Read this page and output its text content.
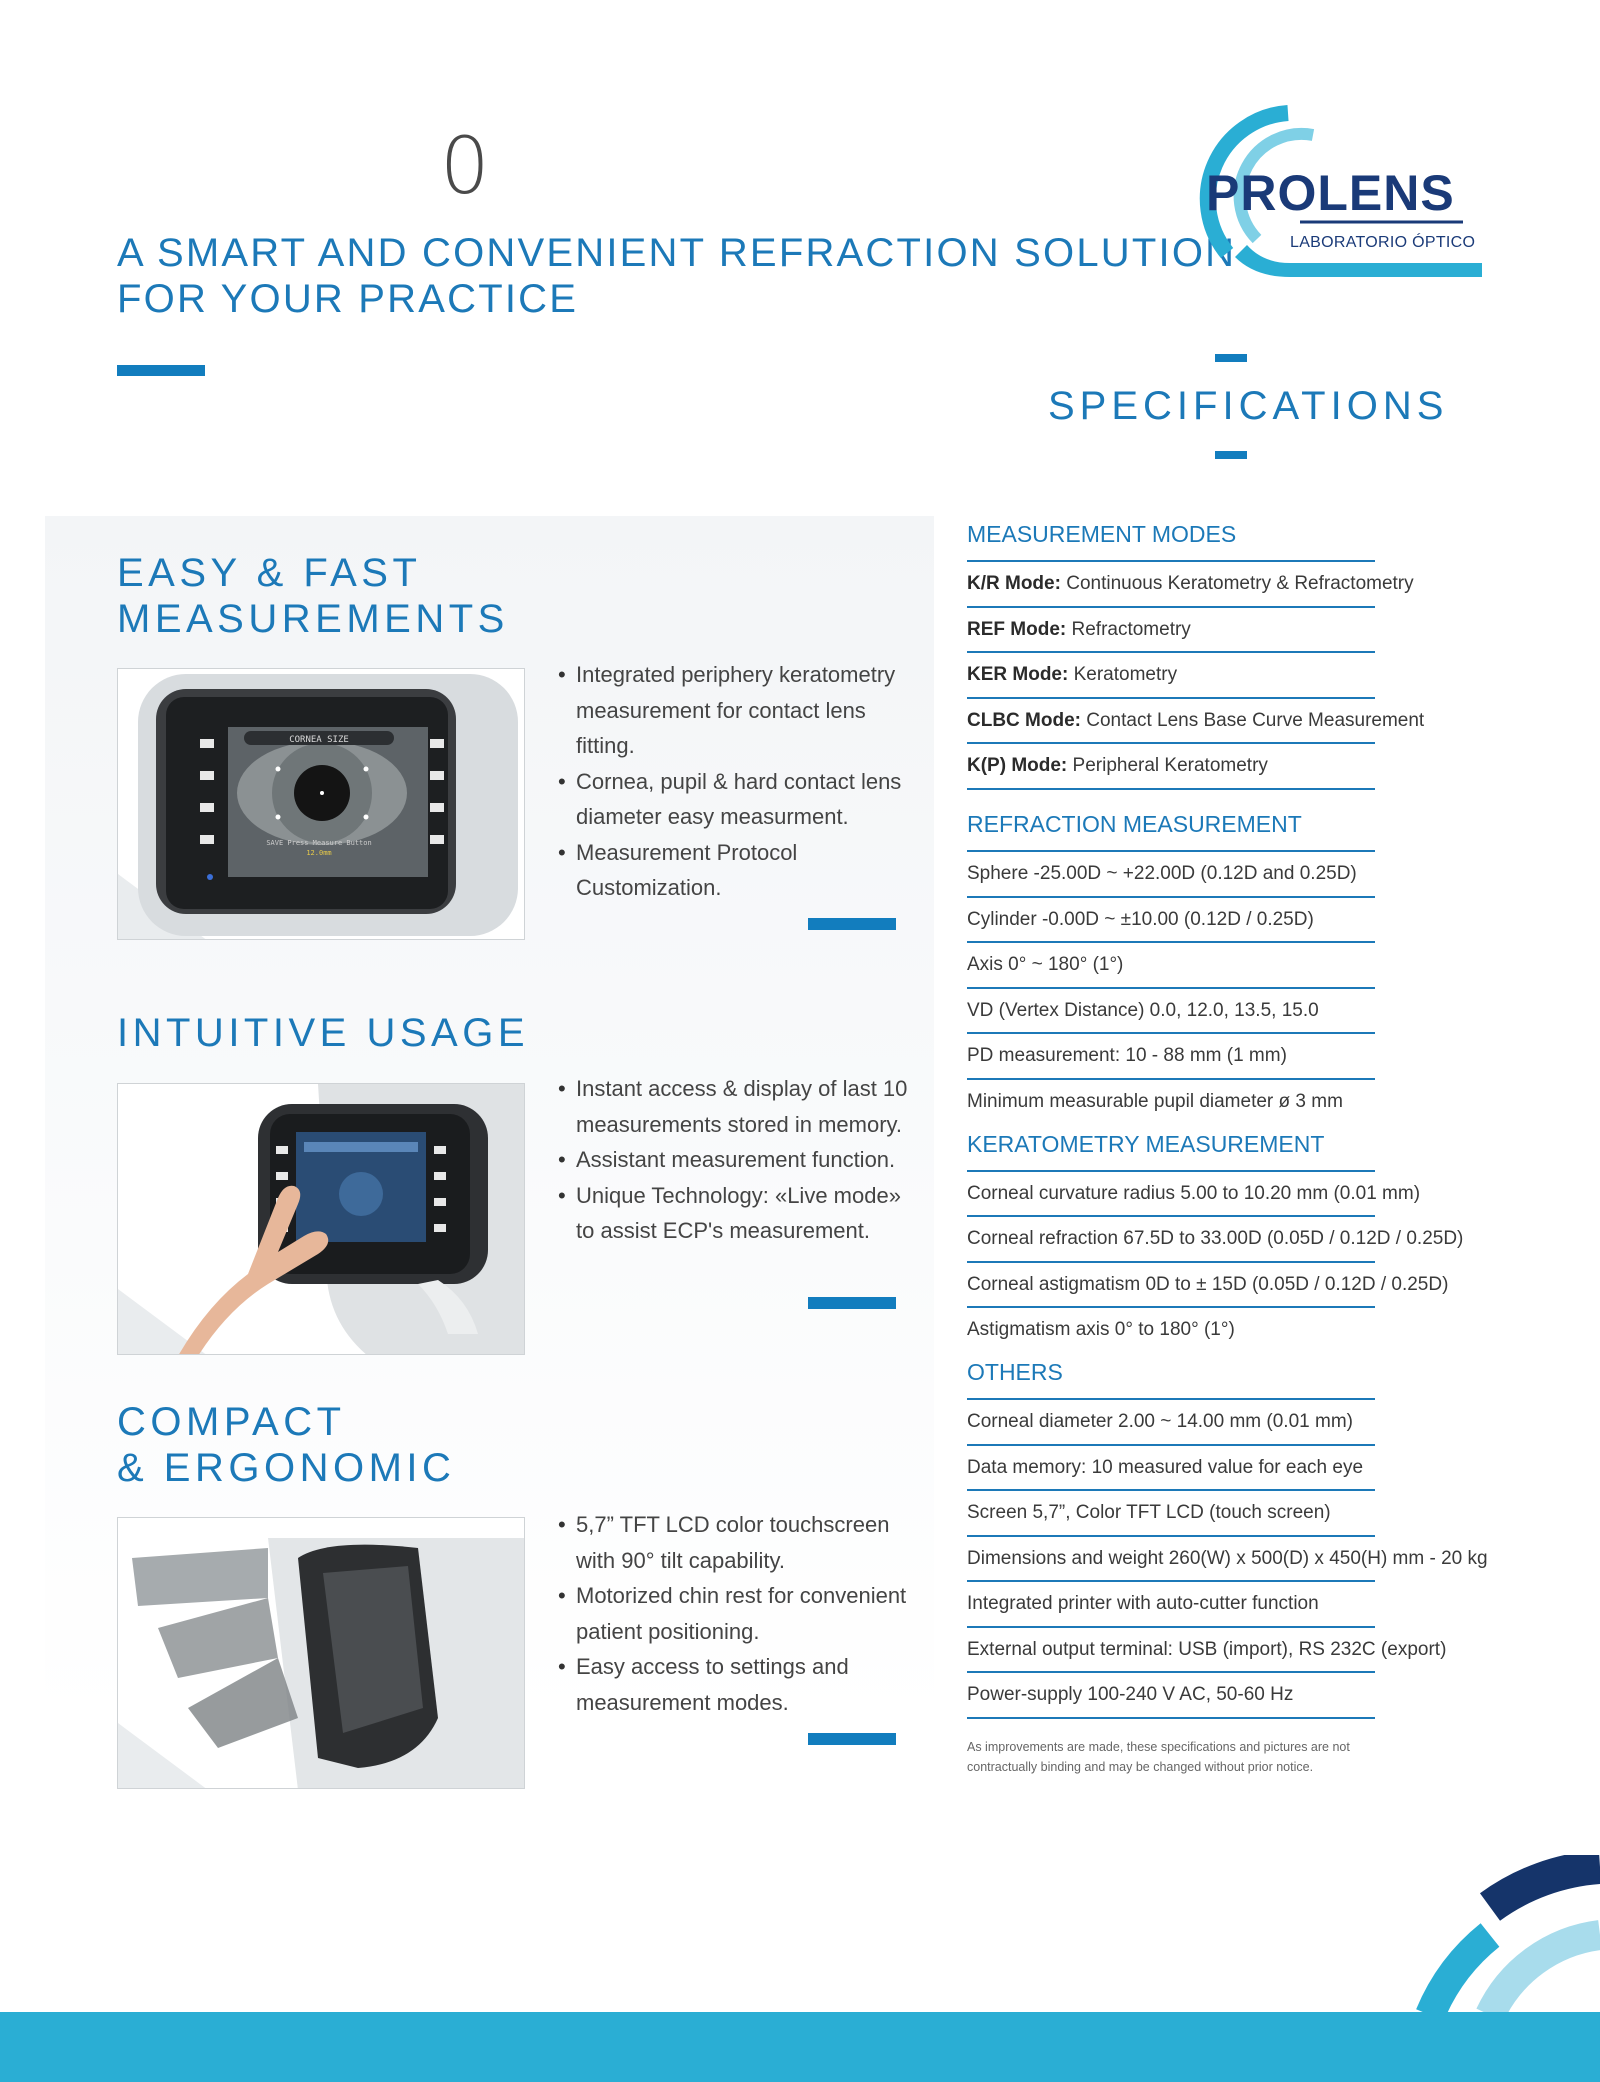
0
A SMART AND CONVENIENT REFRACTION SOLUTION
FOR YOUR PRACTICE
PROLENS
LABORATORIO ÓPTICO
SPECIFICATIONS
EASY & FAST
MEASUREMENTS
CORNEA SIZE
SAVE Press Measure Button
12.0mm
• Integrated periphery keratometry measurement for contact lens fitting.
• Cornea, pupil & hard contact lens diameter easy measurment.
• Measurement Protocol Customization.
INTUITIVE USAGE
• Instant access & display of last 10 measurements stored in memory.
• Assistant measurement function.
• Unique Technology: «Live mode» to assist ECP's measurement.
COMPACT
& ERGONOMIC
• 5,7” TFT LCD color touchscreen with 90° tilt capability.
• Motorized chin rest for convenient patient positioning.
• Easy access to settings and measurement modes.
MEASUREMENT MODES
K/R Mode: Continuous Keratometry & Refractometry
REF Mode: Refractometry
KER Mode: Keratometry
CLBC Mode: Contact Lens Base Curve Measurement
K(P) Mode: Peripheral Keratometry
REFRACTION MEASUREMENT
Sphere -25.00D ~ +22.00D (0.12D and 0.25D)
Cylinder -0.00D ~ ±10.00 (0.12D / 0.25D)
Axis 0° ~ 180° (1°)
VD (Vertex Distance) 0.0, 12.0, 13.5, 15.0
PD measurement: 10 - 88 mm (1 mm)
Minimum measurable pupil diameter ø 3 mm
KERATOMETRY MEASUREMENT
Corneal curvature radius 5.00 to 10.20 mm (0.01 mm)
Corneal refraction 67.5D to 33.00D (0.05D / 0.12D / 0.25D)
Corneal astigmatism 0D to ± 15D (0.05D / 0.12D / 0.25D)
Astigmatism axis 0° to 180° (1°)
OTHERS
Corneal diameter 2.00 ~ 14.00 mm (0.01 mm)
Data memory: 10 measured value for each eye
Screen 5,7”, Color TFT LCD (touch screen)
Dimensions and weight 260(W) x 500(D) x 450(H) mm - 20 kg
Integrated printer with auto-cutter function
External output terminal: USB (import), RS 232C (export)
Power-supply 100-240 V AC, 50-60 Hz
As improvements are made, these specifications and pictures are not
contractually binding and may be changed without prior notice.
